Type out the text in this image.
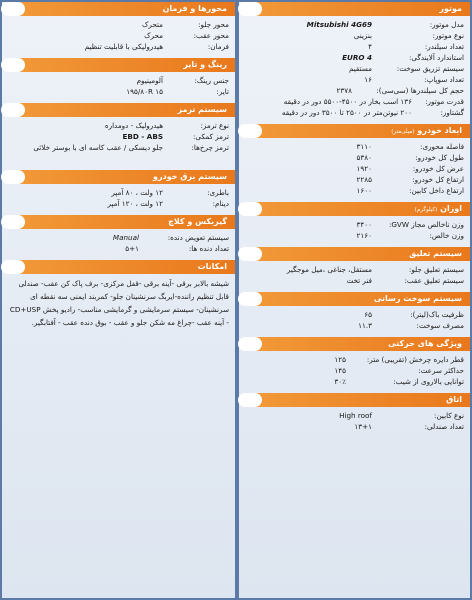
موتور
مدل موتور:
Mitsubishi 4G69
نوع موتور:
بنزینی
تعداد سیلندر:
۴
استاندارد آلایندگی:
EURO 4
سیستم تزریق سوخت:
مستقیم
تعداد سوپاپ:
۱۶
حجم کل سیلندرها (سی‌سی):
۲۳۷۸
قدرت موتور:
۱۳۶ اسب بخار در ۴۵۰۰-۵۵۰۰ دور در دقیقه
گشتاور:
۲۰۰ نیوتن‌متر در ۲۵۰۰ تا ۳۵۰۰ دور در دقیقه
ابعاد خودرو (میلی‌متر)
فاصله محوری:
۳۱۱۰
طول کل خودرو:
۵۳۸۰
عرض کل خودرو:
۱۹۲۰
ارتفاع کل خودرو:
۲۲۸۵
ارتفاع داخل کابین:
۱۶۰۰
اوزان (کیلوگرم)
وزن ناخالص مجاز GVW:
۳۴۰۰
وزن خالص:
۲۱۶۰
سیستم تعلیق
سیستم تعلیق جلو:
مستقل، جناغی ،میل موجگیر
سیستم تعلیق عقب:
فنر تخت
سیستم سوخت رسانی
ظرفیت باک(لیتر):
۶۵
مصرف سوخت:
۱۱.۳
ویژگی های حرکتی
قطر دایره چرخش (تقریبی) متر:
۱۲۵
حداکثر سرعت:
۱۴۵
توانایی بالاروی از شیب:
۳۰٪
اتاق
نوع کابین:
High roof
تعداد صندلی:
۱۳+۱
محورها و فرمان
محور جلو:
متحرک
محور عقب:
محرک
فرمان:
هیدرولیکی با قابلیت تنظیم
رینگ و تایر
جنس رینگ:
آلومینیوم
تایر:
۱۹۵/۸۰R ۱۵
سیستم ترمز
نوع ترمز:
هیدرولیک - دومداره
ترمز کمکی:
EBD - ABS
ترمز چرخ‌ها:
جلو دیسکی / عقب کاسه ای با بوستر خلائی
سیستم برق خودرو
باطری:
۱۲ ولت ، ۸۰ آمپر
دینام:
۱۲ ولت ، ۱۲۰ آمپر
گیربکس و کلاچ
سیستم تعویض دنده:
Manual
تعداد دنده ها:
۵+۱
امکانات
شیشه بالابر برقی -آینه برقی -قفل مرکزی- برف پاک کن عقب- صندلی قابل تنظیم راننده-ایربگ سرنشینان جلو- کمربند ایمنی سه نقطه ای سرنشینان- سیستم سرمایشی و گرمایشی مناسب- رادیو پخش CD+USP - آینه عقب -چراغ مه شکن جلو و عقب - بوق دنده عقب - آفتابگیر.
